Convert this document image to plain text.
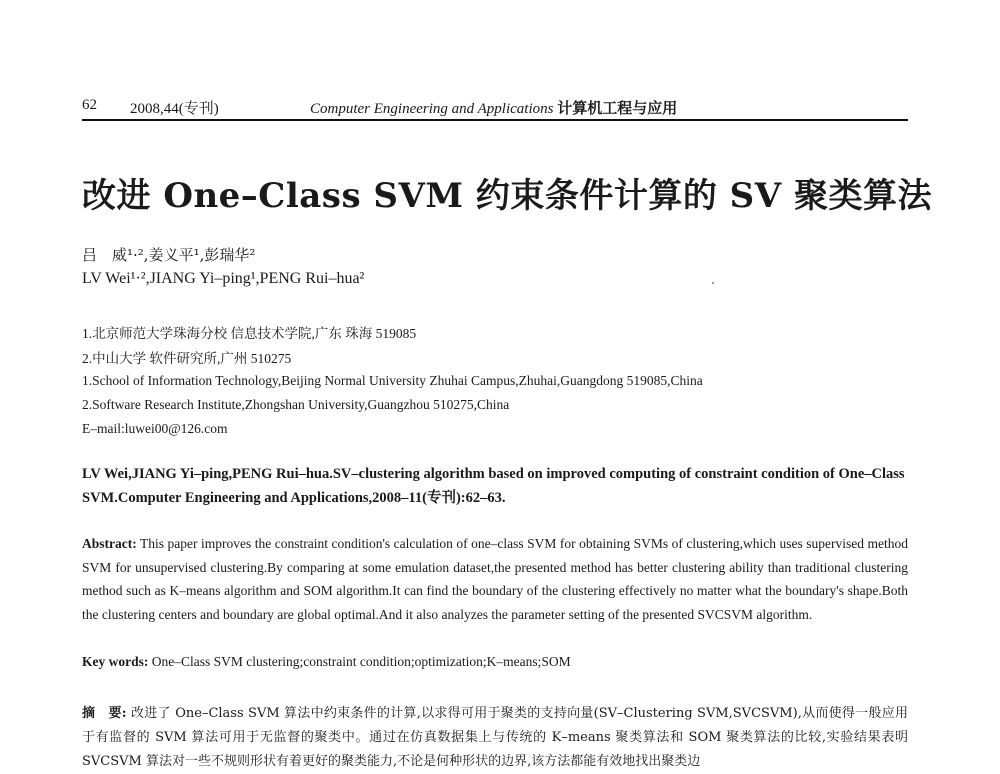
62 2008,44(专刊)	Computer Engineering and Applications 计算机工程与应用
改进 One–Class SVM 约束条件计算的 SV 聚类算法
吕　威¹·²,姜义平¹,彭瑞华²
LV Wei¹·²,JIANG Yi–ping¹,PENG Rui–hua²
1.北京师范大学珠海分校 信息技术学院,广东 珠海 519085
2.中山大学 软件研究所,广州 510275
1.School of Information Technology,Beijing Normal University Zhuhai Campus,Zhuhai,Guangdong 519085,China
2.Software Research Institute,Zhongshan University,Guangzhou 510275,China
E–mail:luwei00@126.com
LV Wei,JIANG Yi–ping,PENG Rui–hua.SV–clustering algorithm based on improved computing of constraint condition of One–Class SVM.Computer Engineering and Applications,2008–11(专刊):62–63.
Abstract: This paper improves the constraint condition's calculation of one–class SVM for obtaining SVMs of clustering,which uses supervised method SVM for unsupervised clustering.By comparing at some emulation dataset,the presented method has better clustering ability than traditional clustering method such as K–means algorithm and SOM algorithm.It can find the boundary of the clustering effectively no matter what the boundary's shape.Both the clustering centers and boundary are global optimal.And it also analyzes the parameter setting of the presented SVCSVM algorithm.
Key words: One–Class SVM clustering;constraint condition;optimization;K–means;SOM
摘　要: 改进了 One–Class SVM 算法中约束条件的计算,以求得可用于聚类的支持向量(SV–Clustering SVM,SVCSVM),从而使得一般应用于有监督的 SVM 算法可用于无监督的聚类中。通过在仿真数据集上与传统的 K–means 聚类算法和 SOM 聚类算法的比较,实验结果表明 SVCSVM 算法对一些不规则形状有着更好的聚类能力,不论是何种形状的边界,该方法都能有效地找出聚类边
